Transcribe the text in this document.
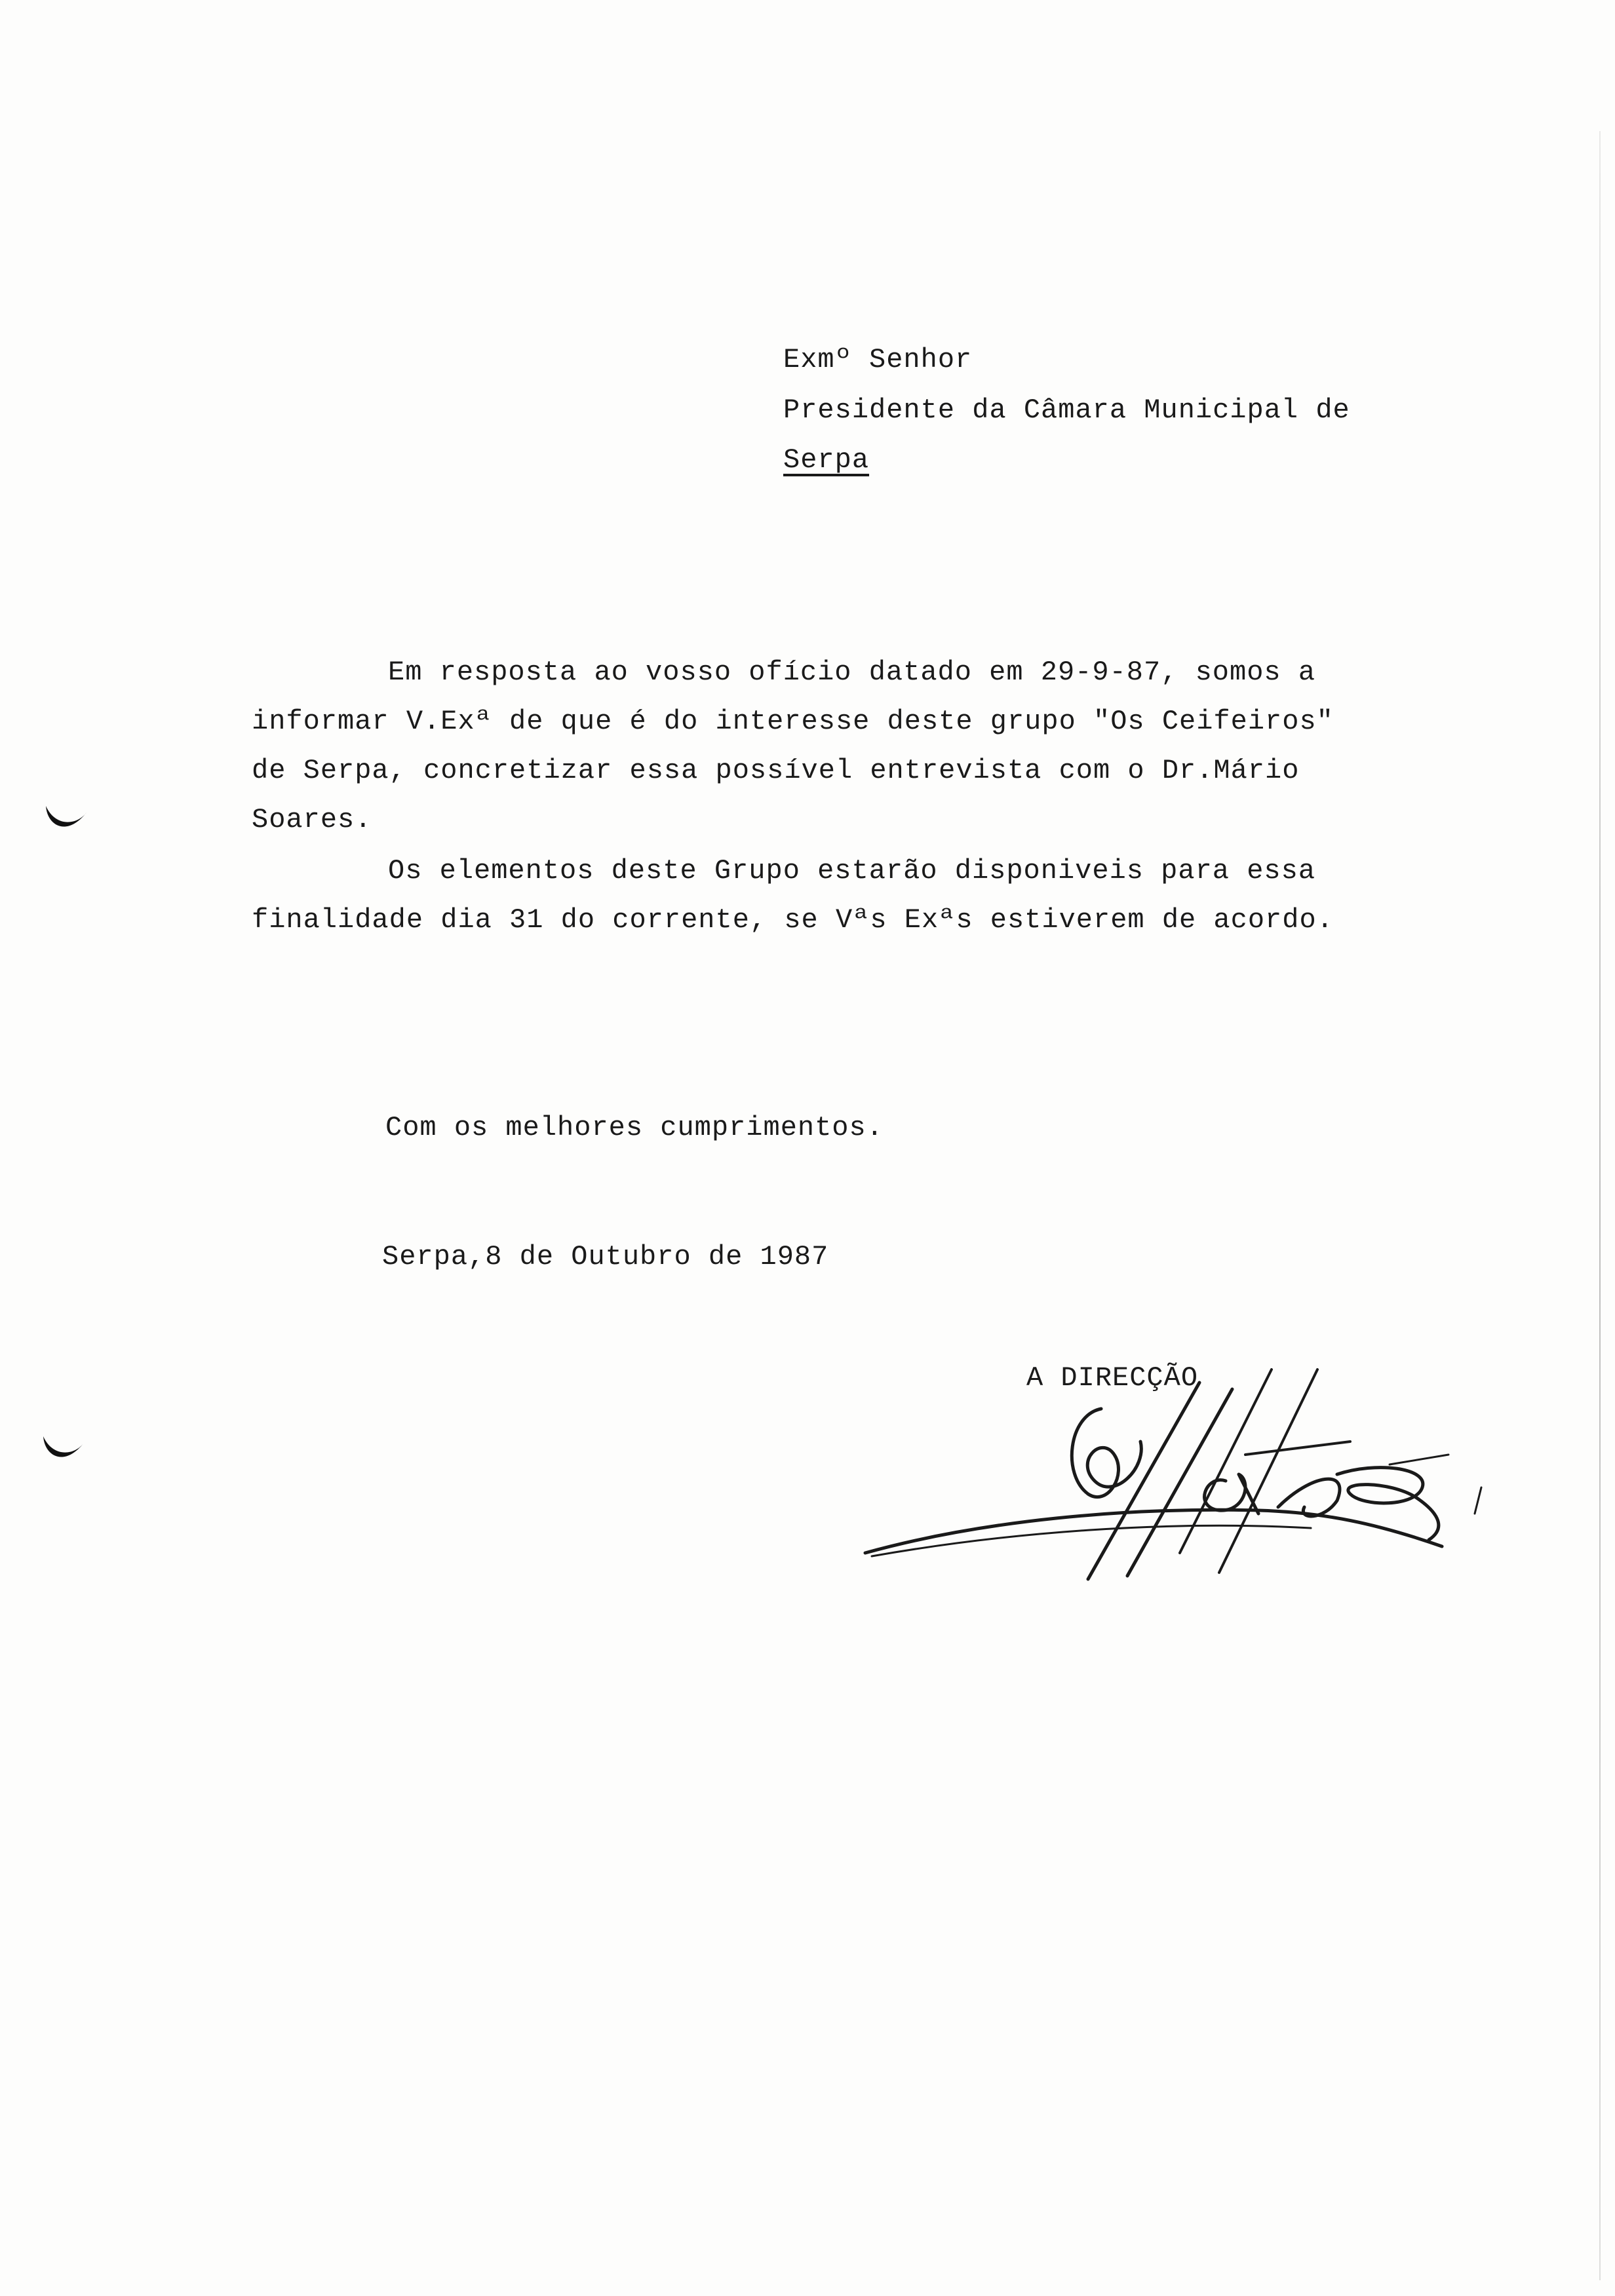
Exmº Senhor
Presidente da Câmara Municipal de
Serpa
Em resposta ao vosso ofício datado em 29-9-87, somos a
informar V.Exª de que é do interesse deste grupo "Os Ceifeiros"
de Serpa, concretizar essa possível entrevista com o Dr.Mário
Soares.
Os elementos deste Grupo estarão disponiveis para essa
finalidade dia 31 do corrente, se Vªs Exªs estiverem de acordo.
Com os melhores cumprimentos.
Serpa,8 de Outubro de 1987
A DIRECÇÃO
